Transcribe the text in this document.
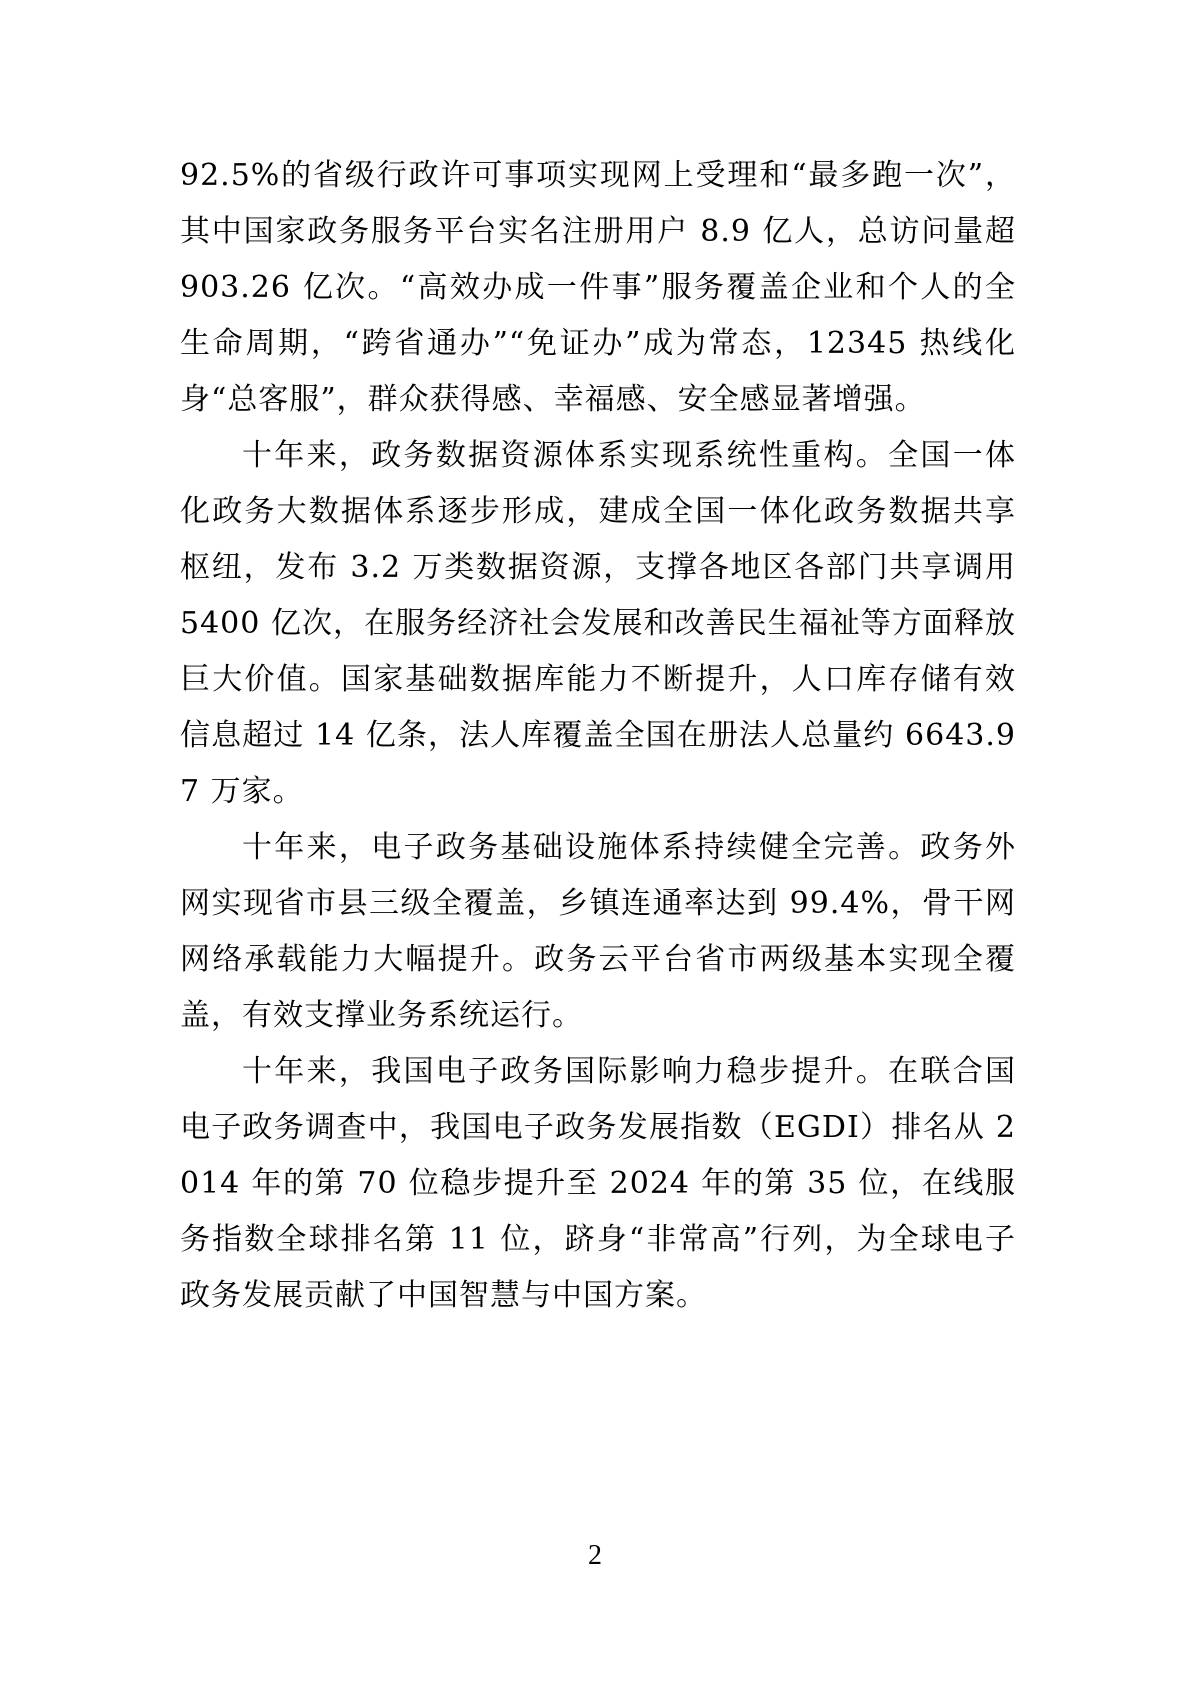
92.5%的省级行政许可事项实现网上受理和“最多跑一次”，其中国家政务服务平台实名注册用户 8.9 亿人，总访问量超 903.26 亿次。“高效办成一件事”服务覆盖企业和个人的全生命周期，“跨省通办”“免证办”成为常态，12345 热线化身“总客服”，群众获得感、幸福感、安全感显著增强。

十年来，政务数据资源体系实现系统性重构。全国一体化政务大数据体系逐步形成，建成全国一体化政务数据共享枢纽，发布 3.2 万类数据资源，支撑各地区各部门共享调用 5400 亿次，在服务经济社会发展和改善民生福祉等方面释放巨大价值。国家基础数据库能力不断提升，人口库存储有效信息超过 14 亿条，法人库覆盖全国在册法人总量约 6643.97 万家。

十年来，电子政务基础设施体系持续健全完善。政务外网实现省市县三级全覆盖，乡镇连通率达到 99.4%，骨干网网络承载能力大幅提升。政务云平台省市两级基本实现全覆盖，有效支撑业务系统运行。

十年来，我国电子政务国际影响力稳步提升。在联合国电子政务调查中，我国电子政务发展指数（EGDI）排名从 2014 年的第 70 位稳步提升至 2024 年的第 35 位，在线服务指数全球排名第 11 位，跻身“非常高”行列，为全球电子政务发展贡献了中国智慧与中国方案。

2
